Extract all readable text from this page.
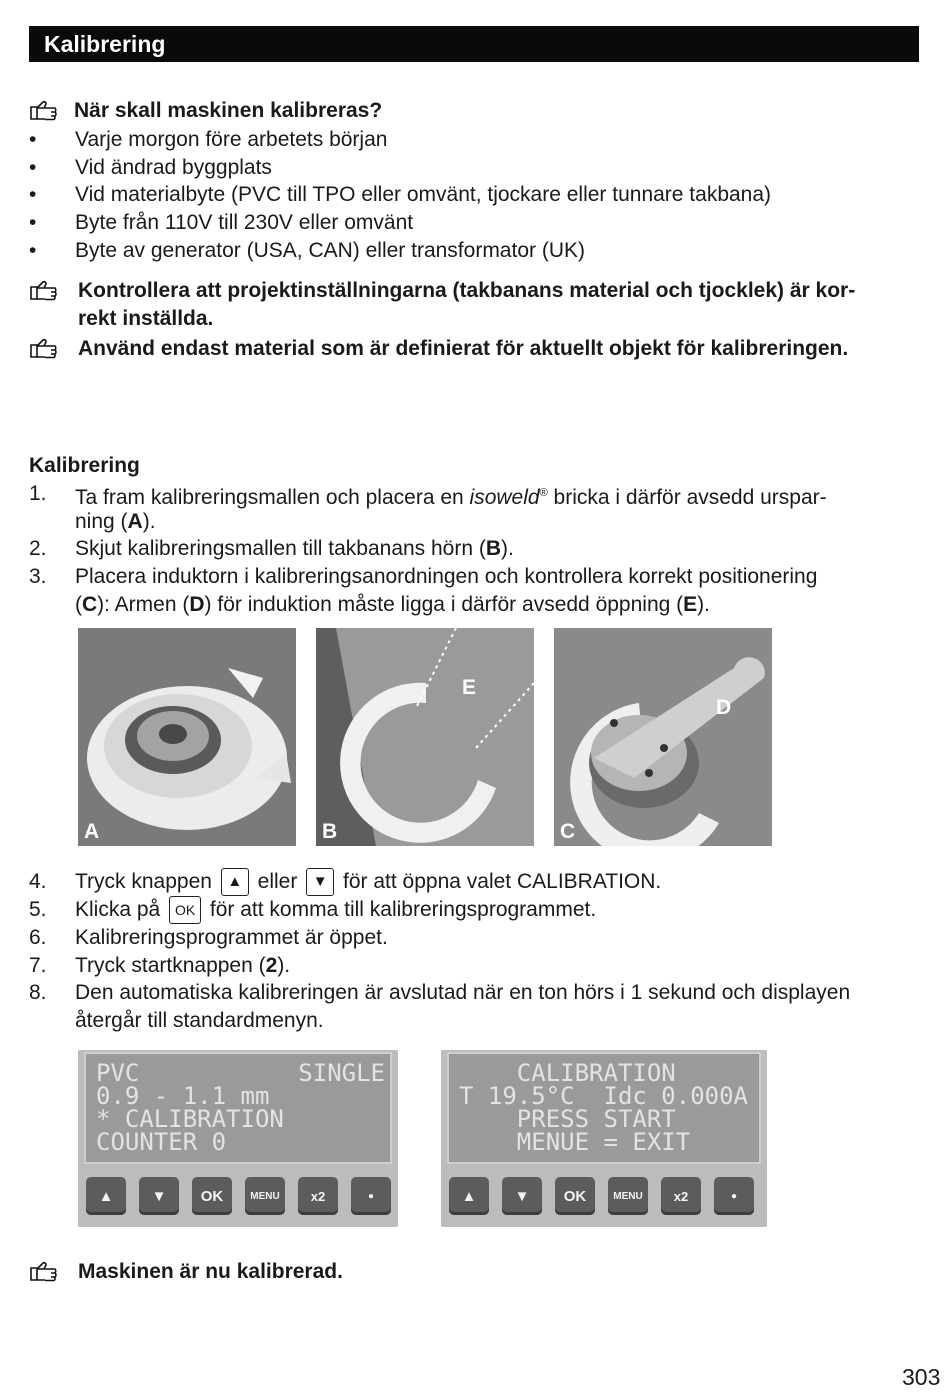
Kalibrering
När skall maskinen kalibreras?
•	Varje morgon före arbetets början
•	Vid ändrad byggplats
•	Vid materialbyte (PVC till TPO eller omvänt, tjockare eller tunnare takbana)
•	Byte från 110V till 230V eller omvänt
•	Byte av generator (USA, CAN) eller transformator (UK)
Kontrollera att projektinställningarna (takbanans material och tjocklek) är kor-
rekt inställda.
Använd endast material som är definierat för aktuellt objekt för kalibreringen.
Kalibrering
1. Ta fram kalibreringsmallen och placera en isoweld® bricka i därför avsedd urspar-
ning (A).
2. Skjut kalibreringsmallen till takbanans hörn (B).
3. Placera induktorn i kalibreringsanordningen och kontrollera korrekt positionering
(C): Armen (D) för induktion måste ligga i därför avsedd öppning (E).
A
E
B
D
C
4. Tryck knappen ▲ eller ▼ för att öppna valet CALIBRATION.
5. Klicka på OK för att komma till kalibreringsprogrammet.
6. Kalibreringsprogrammet är öppet.
7. Tryck startknappen (2).
8. Den automatiska kalibreringen är avslutad när en ton hörs i 1 sekund och displayen
återgår till standardmenyn.
PVC           SINGLE
0.9 - 1.1 mm
* CALIBRATION
COUNTER 0
▲	▼	OK	MENU	x2	●
CALIBRATION
T 19.5°C  Idc 0.000A
PRESS START
MENUE = EXIT
▲	▼	OK	MENU	x2	●
Maskinen är nu kalibrerad.
303
